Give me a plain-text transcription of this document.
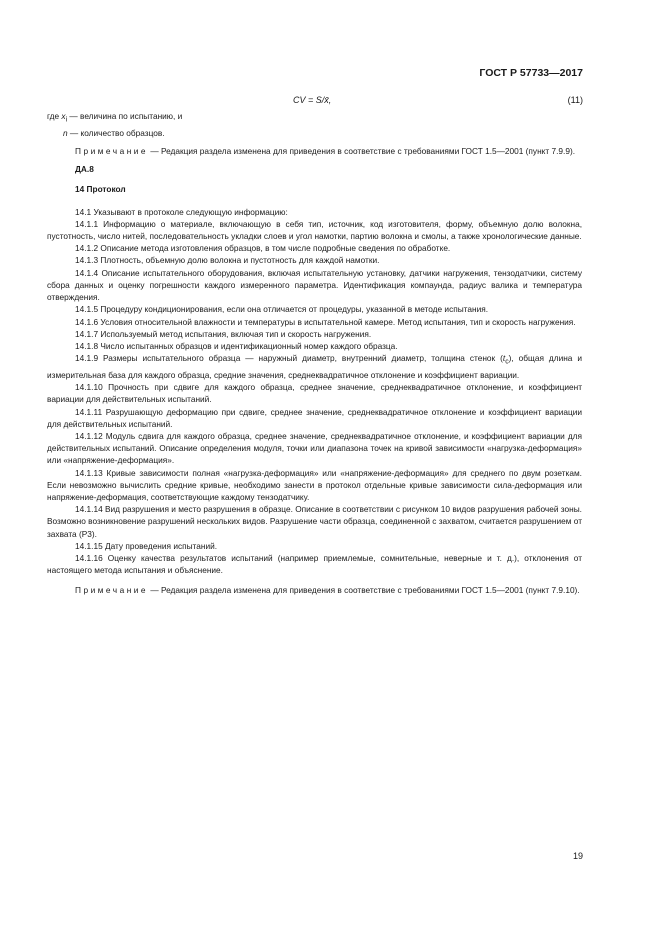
ГОСТ Р 57733—2017
CV = S/x̄,	(11)

где $x_i$ — величина по испытанию, и

n — количество образцов.

Примечание — Редакция раздела изменена для приведения в соответствие с требованиями ГОСТ 1.5—2001 (пункт 7.9.9).

ДА.8

14 Протокол

14.1 Указывают в протоколе следующую информацию:

14.1.1 Информацию о материале, включающую в себя тип, источник, код изготовителя, форму, объемную долю волокна, пустотность, число нитей, последовательность укладки слоев и угол намотки, партию волокна и смолы, а также хронологические данные.

14.1.2 Описание метода изготовления образцов, в том числе подробные сведения по обработке.

14.1.3 Плотность, объемную долю волокна и пустотность для каждой намотки.

14.1.4 Описание испытательного оборудования, включая испытательную установку, датчики нагружения, тензодатчики, систему сбора данных и оценку погрешности каждого измеренного параметра. Идентификация компаунда, радиус валика и температура отверждения.

14.1.5 Процедуру кондиционирования, если она отличается от процедуры, указанной в методе испытания.

14.1.6 Условия относительной влажности и температуры в испытательной камере. Метод испытания, тип и скорость нагружения.

14.1.7 Используемый метод испытания, включая тип и скорость нагружения.

14.1.8 Число испытанных образцов и идентификационный номер каждого образца.

14.1.9 Размеры испытательного образца — наружный диаметр, внутренний диаметр, толщина стенок $(t_c)$, общая длина и измерительная база для каждого образца, средние значения, среднеквадратичное отклонение и коэффициент вариации.

14.1.10 Прочность при сдвиге для каждого образца, среднее значение, среднеквадратичное отклонение, и коэффициент вариации для действительных испытаний.

14.1.11 Разрушающую деформацию при сдвиге, среднее значение, среднеквадратичное отклонение и коэффициент вариации для действительных испытаний.

14.1.12 Модуль сдвига для каждого образца, среднее значение, среднеквадратичное отклонение, и коэффициент вариации для действительных испытаний. Описание определения модуля, точки или диапазона точек на кривой зависимости «нагрузка-деформация» или «напряжение-деформация».

14.1.13 Кривые зависимости полная «нагрузка-деформация» или «напряжение-деформация» для среднего по двум розеткам. Если невозможно вычислить средние кривые, необходимо занести в протокол отдельные кривые зависимости сила-деформация или напряжение-деформация, соответствующие каждому тензодатчику.

14.1.14 Вид разрушения и место разрушения в образце. Описание в соответствии с рисунком 10 видов разрушения рабочей зоны. Возможно возникновение разрушений нескольких видов. Разрушение части образца, соединенной с захватом, считается разрушением от захвата (P3).

14.1.15 Дату проведения испытаний.

14.1.16 Оценку качества результатов испытаний (например приемлемые, сомнительные, неверные и т. д.), отклонения от настоящего метода испытания и объяснение.

Примечание — Редакция раздела изменена для приведения в соответствие с требованиями ГОСТ 1.5—2001 (пункт 7.9.10).

19
